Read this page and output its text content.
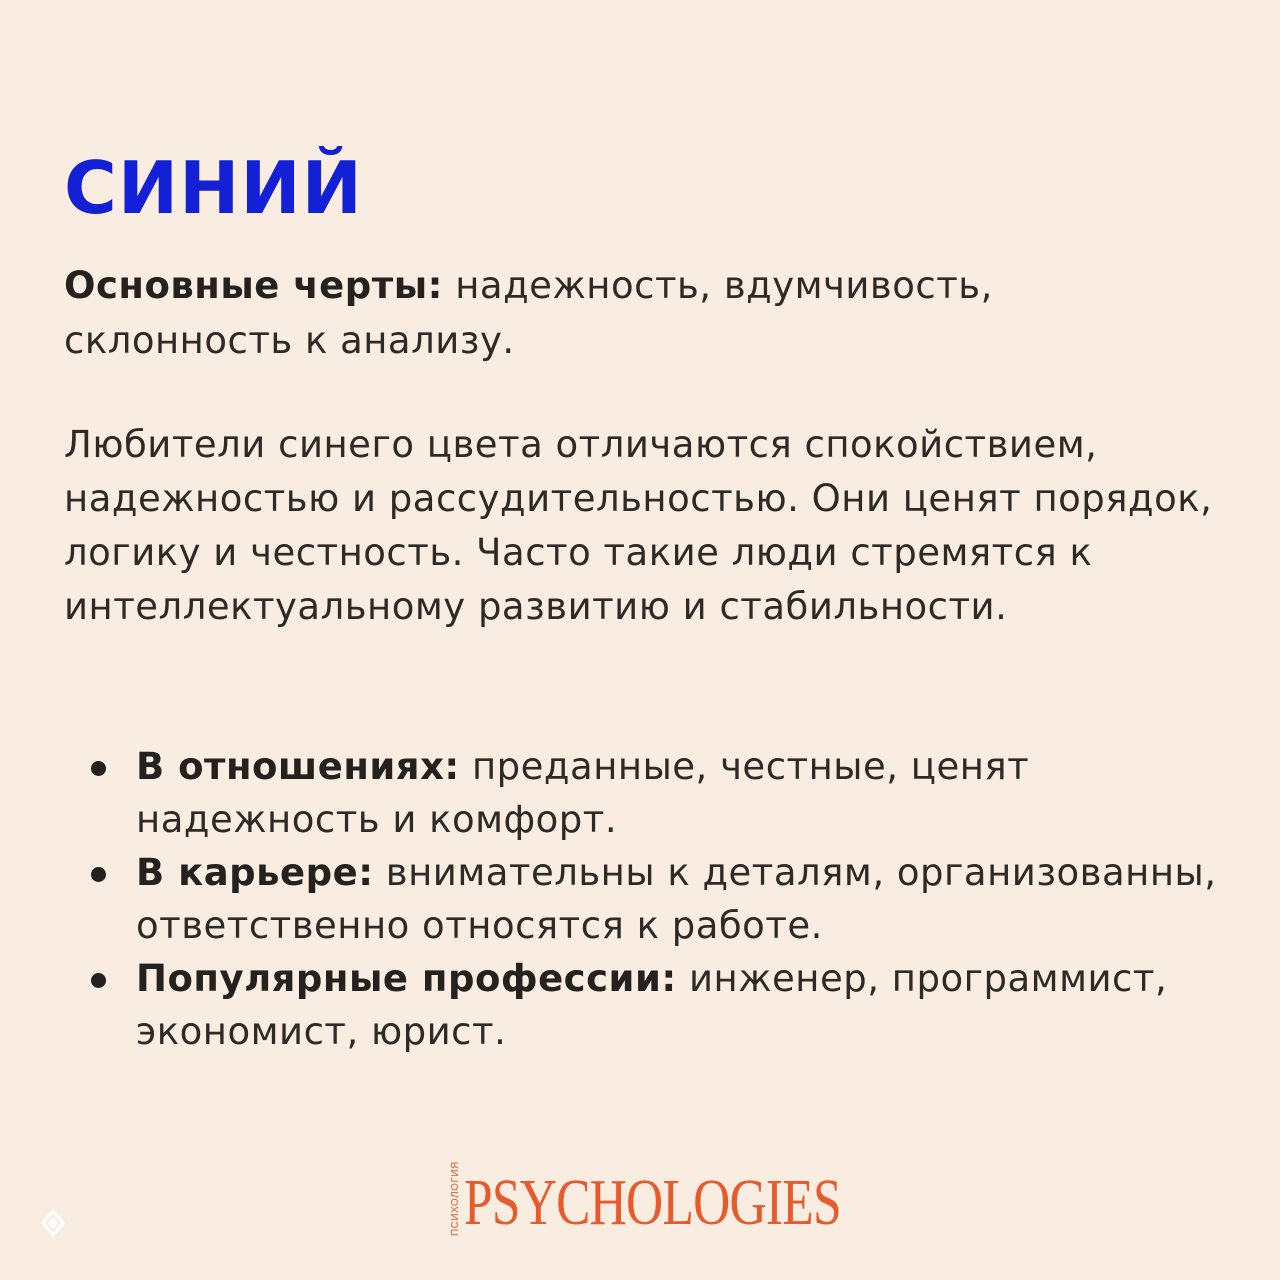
СИНИЙ

Основные черты: надежность, вдумчивость, склонность к анализу.

Любители синего цвета отличаются спокойствием, надежностью и рассудительностью. Они ценят порядок, логику и честность. Часто такие люди стремятся к интеллектуальному развитию и стабильности.

В отношениях: преданные, честные, ценят надежность и комфорт.
В карьере: внимательны к деталям, организованны, ответственно относятся к работе.
Популярные профессии: инженер, программист, экономист, юрист.
ПСИХОЛОГИЯ PSYCHOLOGIES
